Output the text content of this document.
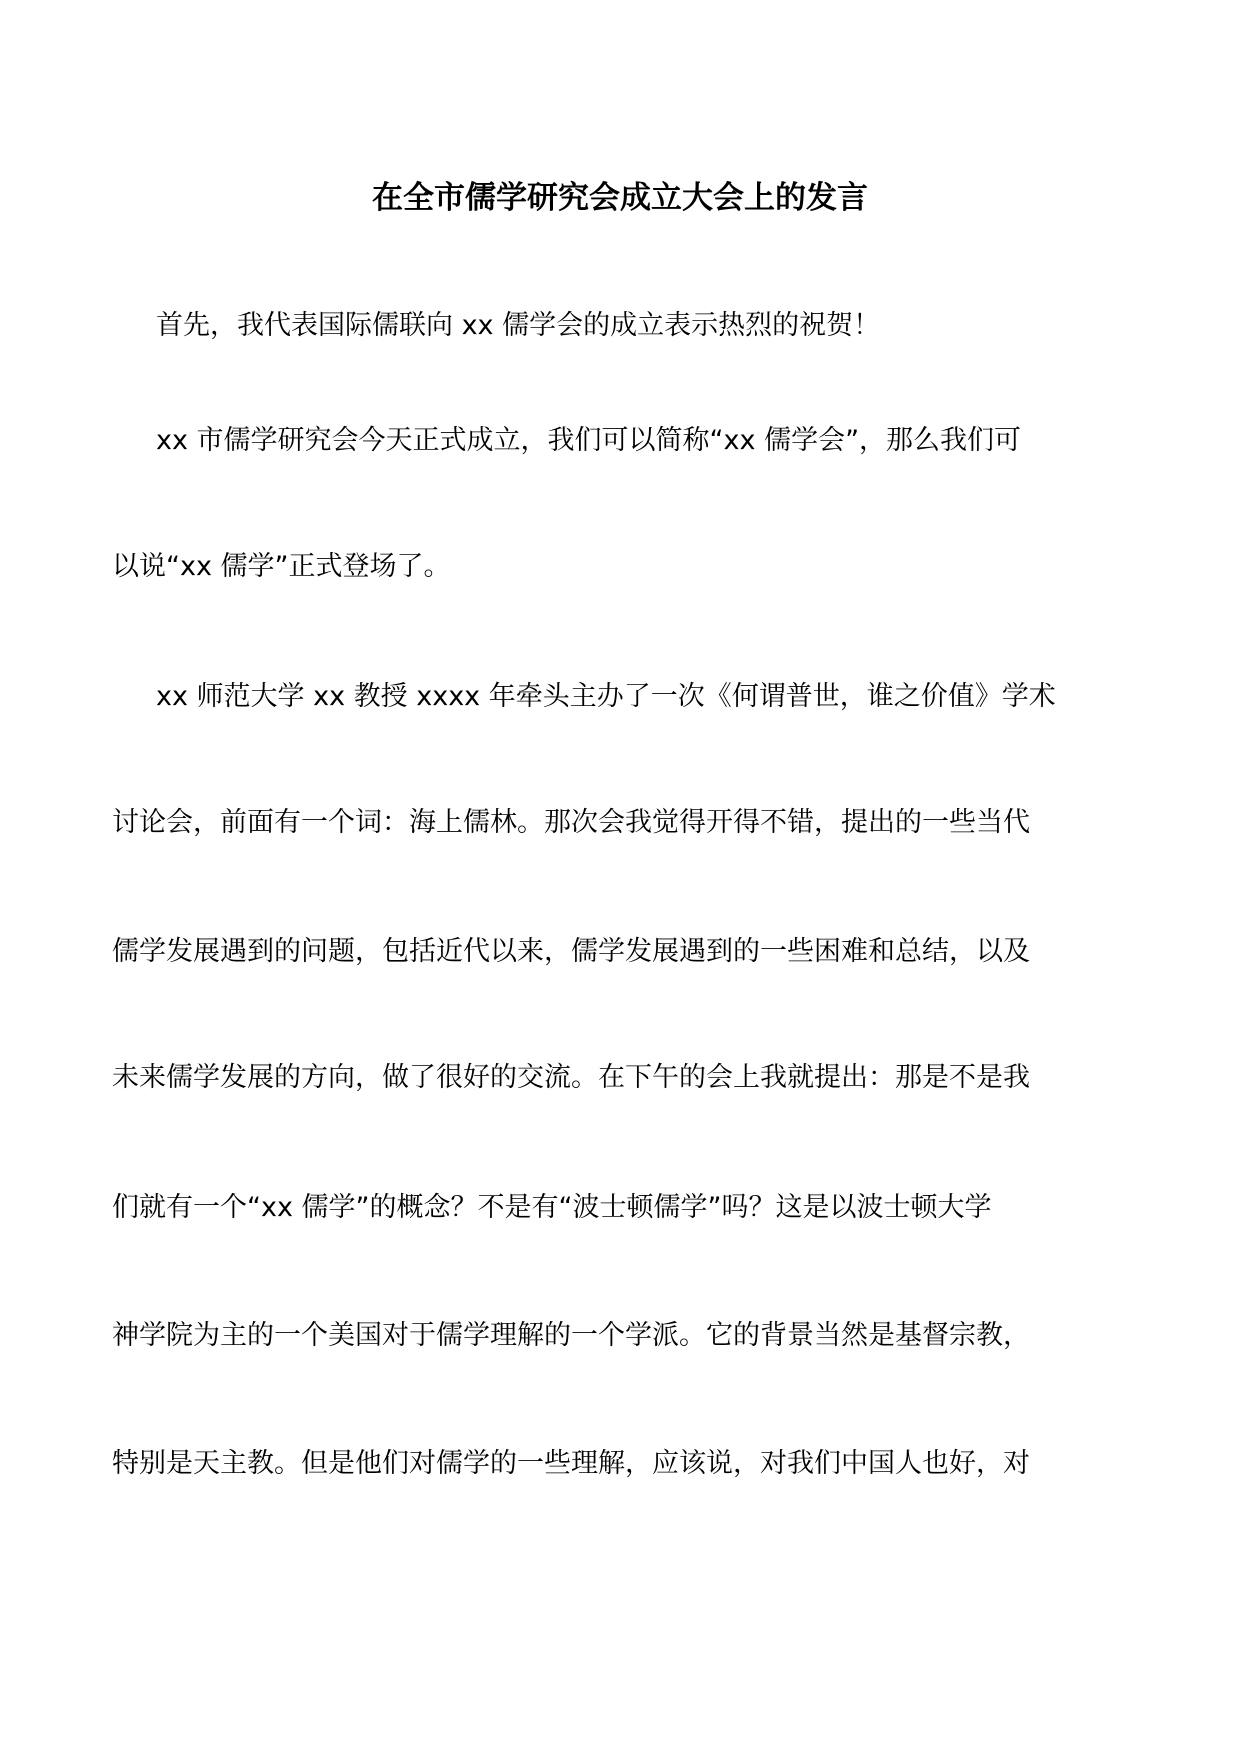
在全市儒学研究会成立大会上的发言

首先，我代表国际儒联向 xx 儒学会的成立表示热烈的祝贺！

xx 市儒学研究会今天正式成立，我们可以简称“xx 儒学会”，那么我们可

以说“xx 儒学”正式登场了。

xx 师范大学 xx 教授 xxxx 年牵头主办了一次《何谓普世，谁之价值》学术

讨论会，前面有一个词：海上儒林。那次会我觉得开得不错，提出的一些当代

儒学发展遇到的问题，包括近代以来，儒学发展遇到的一些困难和总结，以及

未来儒学发展的方向，做了很好的交流。在下午的会上我就提出：那是不是我

们就有一个“xx 儒学”的概念？不是有“波士顿儒学”吗？这是以波士顿大学

神学院为主的一个美国对于儒学理解的一个学派。它的背景当然是基督宗教，

特别是天主教。但是他们对儒学的一些理解，应该说，对我们中国人也好，对
